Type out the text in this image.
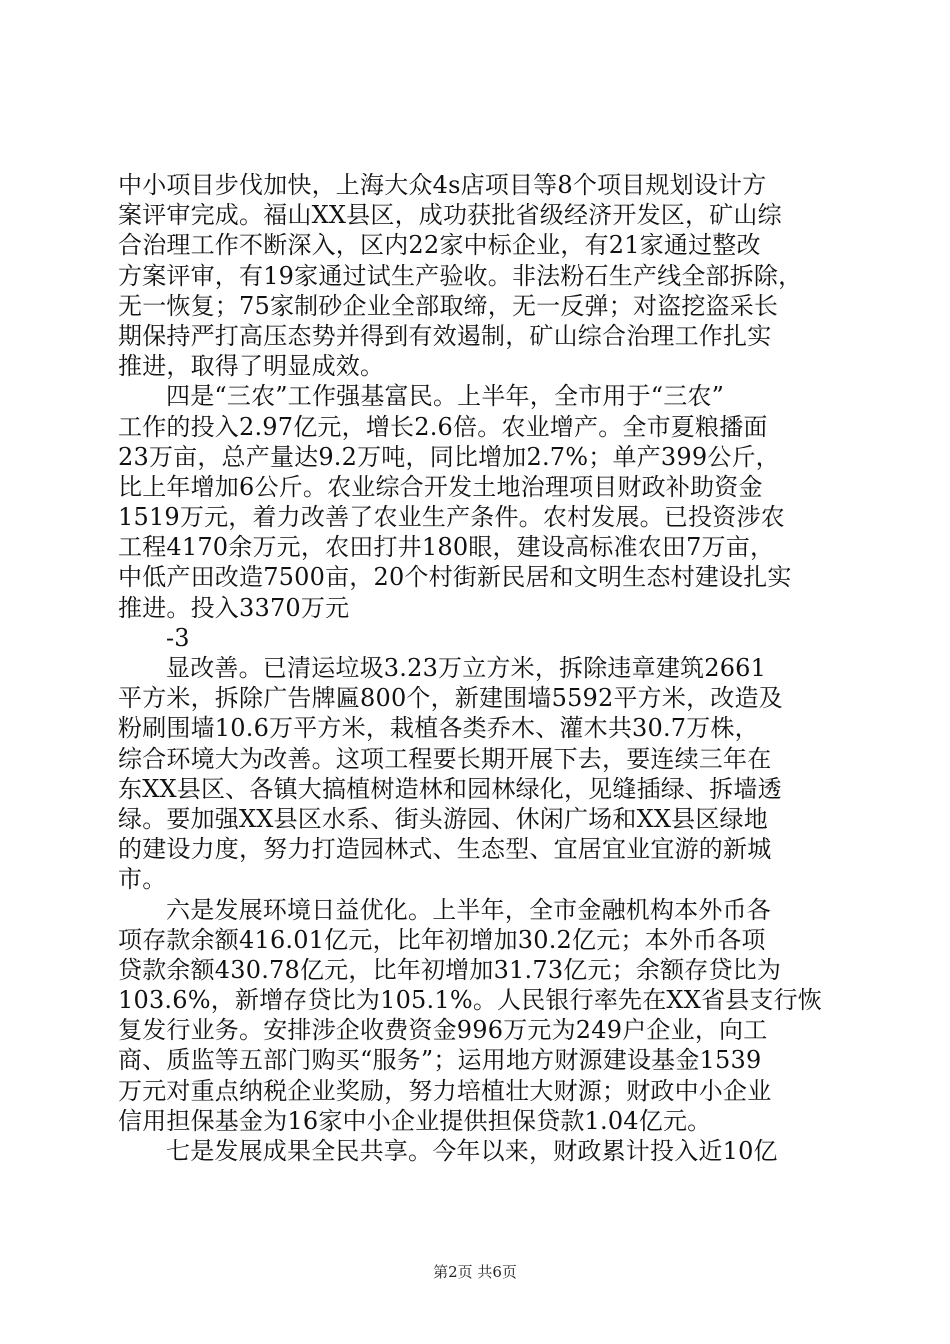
中小项目步伐加快，上海大众4s店项目等8个项目规划设计方
案评审完成。福山XX县区，成功获批省级经济开发区，矿山综
合治理工作不断深入，区内22家中标企业，有21家通过整改
方案评审，有19家通过试生产验收。非法粉石生产线全部拆除，
无一恢复；75家制砂企业全部取缔，无一反弹；对盗挖盗采长
期保持严打高压态势并得到有效遏制，矿山综合治理工作扎实
推进，取得了明显成效。
四是“三农”工作强基富民。上半年，全市用于“三农”
工作的投入2.97亿元，增长2.6倍。农业增产。全市夏粮播面
23万亩，总产量达9.2万吨，同比增加2.7%；单产399公斤，
比上年增加6公斤。农业综合开发土地治理项目财政补助资金
1519万元，着力改善了农业生产条件。农村发展。已投资涉农
工程4170余万元，农田打井180眼，建设高标准农田7万亩，
中低产田改造7500亩，20个村街新民居和文明生态村建设扎实
推进。投入3370万元
-3
显改善。已清运垃圾3.23万立方米，拆除违章建筑2661
平方米，拆除广告牌匾800个，新建围墙5592平方米，改造及
粉刷围墙10.6万平方米，栽植各类乔木、灌木共30.7万株，
综合环境大为改善。这项工程要长期开展下去，要连续三年在
东XX县区、各镇大搞植树造林和园林绿化，见缝插绿、拆墙透
绿。要加强XX县区水系、街头游园、休闲广场和XX县区绿地
的建设力度，努力打造园林式、生态型、宜居宜业宜游的新城
市。
六是发展环境日益优化。上半年，全市金融机构本外币各
项存款余额416.01亿元，比年初增加30.2亿元；本外币各项
贷款余额430.78亿元，比年初增加31.73亿元；余额存贷比为
103.6%，新增存贷比为105.1%。人民银行率先在XX省县支行恢
复发行业务。安排涉企收费资金996万元为249户企业，向工
商、质监等五部门购买“服务”；运用地方财源建设基金1539
万元对重点纳税企业奖励，努力培植壮大财源；财政中小企业
信用担保基金为16家中小企业提供担保贷款1.04亿元。
七是发展成果全民共享。今年以来，财政累计投入近10亿
第2页 共6页
